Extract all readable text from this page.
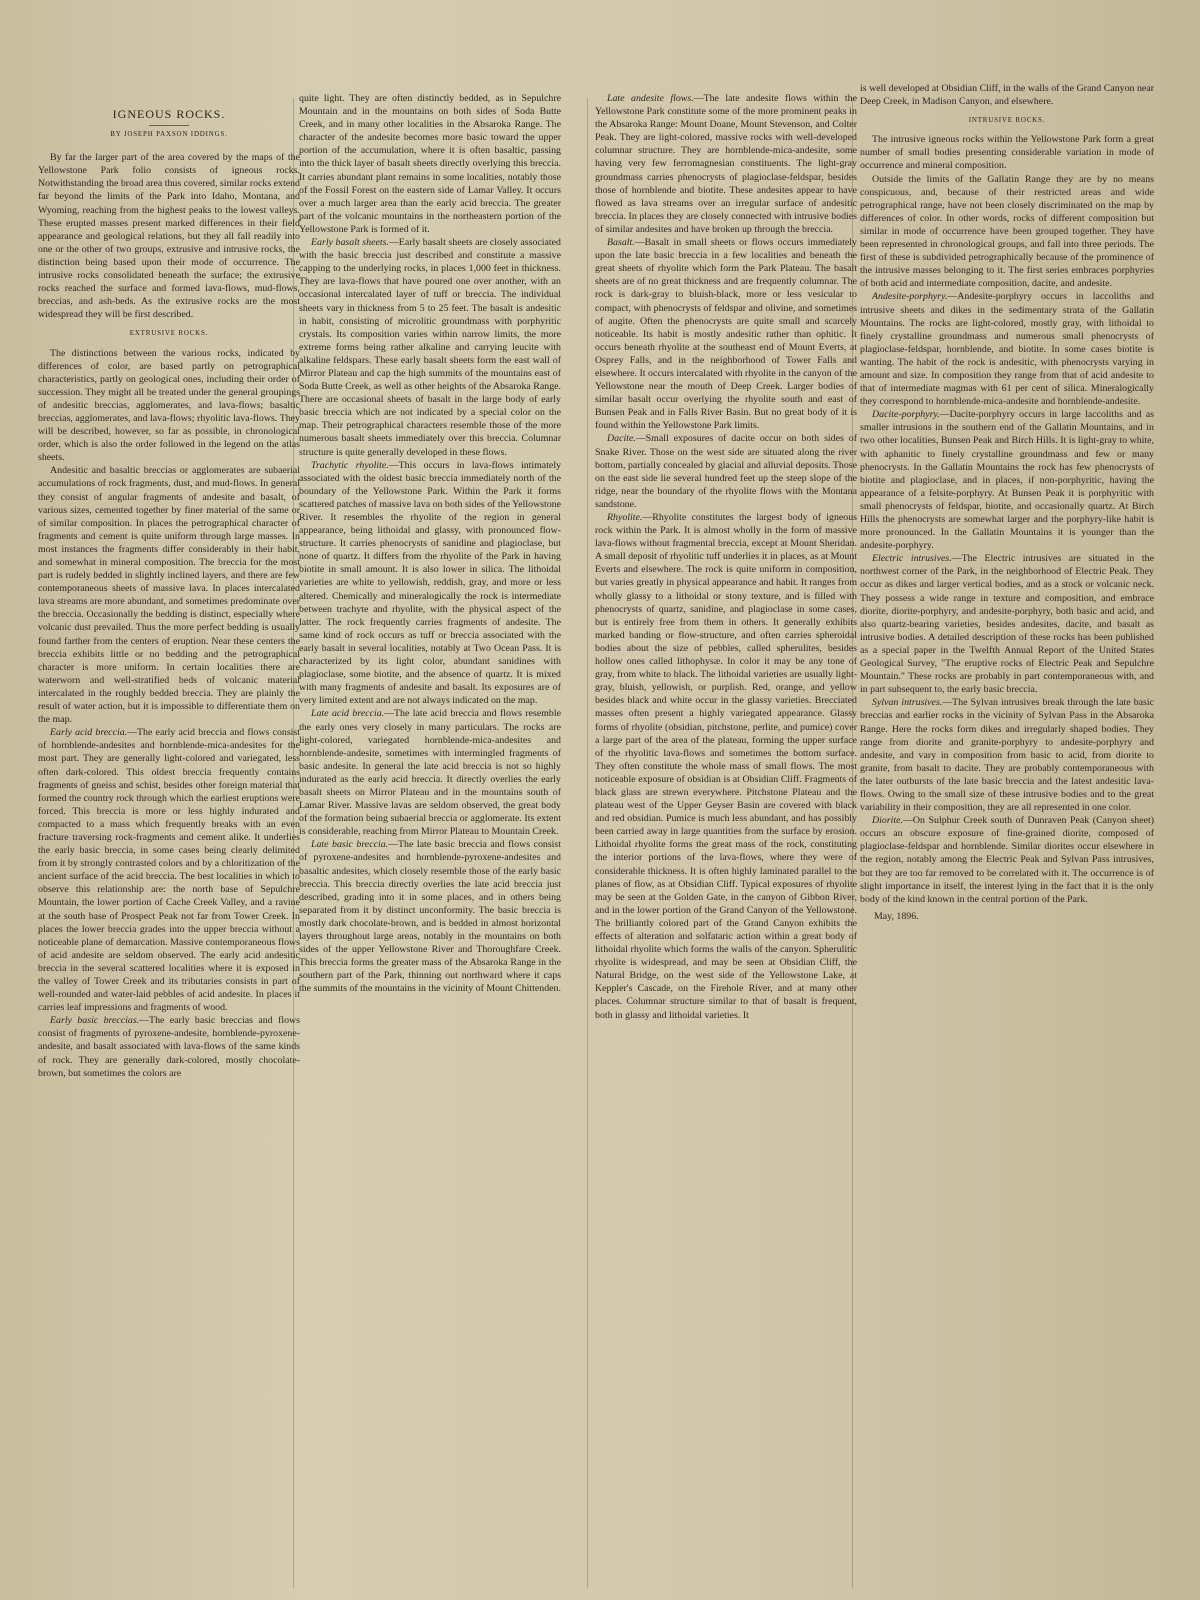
IGNEOUS ROCKS.

BY JOSEPH PAXSON IDDINGS.

By far the larger part of the area covered by the maps of the Yellowstone Park folio consists of igneous rocks. Notwithstanding the broad area thus covered, similar rocks extend far beyond the limits of the Park into Idaho, Montana, and Wyoming, reaching from the highest peaks to the lowest valleys. These erupted masses present marked differences in their field appearance and geological relations, but they all fall readily into one or the other of two groups, extrusive and intrusive rocks, the distinction being based upon their mode of occurrence. The intrusive rocks consolidated beneath the surface; the extrusive rocks reached the surface and formed lava-flows, mud-flows, breccias, and ash-beds. As the extrusive rocks are the most widespread they will be first described.

EXTRUSIVE ROCKS.

The distinctions between the various rocks, indicated by differences of color, are based partly on petrographical characteristics, partly on geological ones, including their order of succession. They might all be treated under the general groupings of andesitic breccias, agglomerates, and lava-flows; basaltic breccias, agglomerates, and lava-flows; rhyolitic lava-flows. They will be described, however, so far as possible, in chronological order, which is also the order followed in the legend on the atlas sheets.

Andesitic and basaltic breccias or agglomerates are subaerial accumulations of rock fragments, dust, and mud-flows. In general they consist of angular fragments of andesite and basalt, of various sizes, cemented together by finer material of the same or of similar composition. In places the petrographical character of fragments and cement is quite uniform through large masses. In most instances the fragments differ considerably in their habit, and somewhat in mineral composition. The breccia for the most part is rudely bedded in slightly inclined layers, and there are few contemporaneous sheets of massive lava. In places intercalated lava streams are more abundant, and sometimes predominate over the breccia. Occasionally the bedding is distinct, especially where volcanic dust prevailed. Thus the more perfect bedding is usually found farther from the centers of eruption. Near these centers the breccia exhibits little or no bedding and the petrographical character is more uniform. In certain localities there are waterworn and well-stratified beds of volcanic material intercalated in the roughly bedded breccia. They are plainly the result of water action, but it is impossible to differentiate them on the map.

Early acid breccia.—The early acid breccia and flows consist of hornblende-andesites and hornblende-mica-andesites for the most part. They are generally light-colored and variegated, less often dark-colored. This oldest breccia frequently contains fragments of gneiss and schist, besides other foreign material that formed the country rock through which the earliest eruptions were forced. This breccia is more or less highly indurated and compacted to a mass which frequently breaks with an even fracture traversing rock-fragments and cement alike. It underlies the early basic breccia, in some cases being clearly delimited from it by strongly contrasted colors and by a chloritization of the ancient surface of the acid breccia. The best localities in which to observe this relationship are: the north base of Sepulchre Mountain, the lower portion of Cache Creek Valley, and a ravine at the south base of Prospect Peak not far from Tower Creek. In places the lower breccia grades into the upper breccia without a noticeable plane of demarcation. Massive contemporaneous flows of acid andesite are seldom observed. The early acid andesitic breccia in the several scattered localities where it is exposed in the valley of Tower Creek and its tributaries consists in part of well-rounded and water-laid pebbles of acid andesite. In places it carries leaf impressions and fragments of wood.

Early basic breccias.—The early basic breccias and flows consist of fragments of pyroxene-andesite, hornblende-pyroxene-andesite, and basalt associated with lava-flows of the same kinds of rock. They are generally dark-colored, mostly chocolate-brown, but sometimes the colors are

quite light. They are often distinctly bedded, as in Sepulchre Mountain and in the mountains on both sides of Soda Butte Creek, and in many other localities in the Absaroka Range. The character of the andesite becomes more basic toward the upper portion of the accumulation, where it is often basaltic, passing into the thick layer of basalt sheets directly overlying this breccia. It carries abundant plant remains in some localities, notably those of the Fossil Forest on the eastern side of Lamar Valley. It occurs over a much larger area than the early acid breccia. The greater part of the volcanic mountains in the northeastern portion of the Yellowstone Park is formed of it.

Early basalt sheets.—Early basalt sheets are closely associated with the basic breccia just described and constitute a massive capping to the underlying rocks, in places 1,000 feet in thickness. They are lava-flows that have poured one over another, with an occasional intercalated layer of tuff or breccia. The individual sheets vary in thickness from 5 to 25 feet. The basalt is andesitic in habit, consisting of microlitic groundmass with porphyritic crystals. Its composition varies within narrow limits, the more extreme forms being rather alkaline and carrying leucite with alkaline feldspars. These early basalt sheets form the east wall of Mirror Plateau and cap the high summits of the mountains east of Soda Butte Creek, as well as other heights of the Absaroka Range. There are occasional sheets of basalt in the large body of early basic breccia which are not indicated by a special color on the map. Their petrographical characters resemble those of the more numerous basalt sheets immediately over this breccia. Columnar structure is quite generally developed in these flows.

Trachytic rhyolite.—This occurs in lava-flows intimately associated with the oldest basic breccia immediately north of the boundary of the Yellowstone Park. Within the Park it forms scattered patches of massive lava on both sides of the Yellowstone River. It resembles the rhyolite of the region in general appearance, being lithoidal and glassy, with pronounced flow-structure. It carries phenocrysts of sanidine and plagioclase, but none of quartz. It differs from the rhyolite of the Park in having biotite in small amount. It is also lower in silica. The lithoidal varieties are white to yellowish, reddish, gray, and more or less altered. Chemically and mineralogically the rock is intermediate between trachyte and rhyolite, with the physical aspect of the latter. The rock frequently carries fragments of andesite. The same kind of rock occurs as tuff or breccia associated with the early basalt in several localities, notably at Two Ocean Pass. It is characterized by its light color, abundant sanidines with plagioclase, some biotite, and the absence of quartz. It is mixed with many fragments of andesite and basalt. Its exposures are of very limited extent and are not always indicated on the map.

Late acid breccia.—The late acid breccia and flows resemble the early ones very closely in many particulars. The rocks are light-colored, variegated hornblende-mica-andesites and hornblende-andesite, sometimes with intermingled fragments of basic andesite. In general the late acid breccia is not so highly indurated as the early acid breccia. It directly overlies the early basalt sheets on Mirror Plateau and in the mountains south of Lamar River. Massive lavas are seldom observed, the great body of the formation being subaerial breccia or agglomerate. Its extent is considerable, reaching from Mirror Plateau to Mountain Creek.

Late basic breccia.—The late basic breccia and flows consist of pyroxene-andesites and hornblende-pyroxene-andesites and basaltic andesites, which closely resemble those of the early basic breccia. This breccia directly overlies the late acid breccia just described, grading into it in some places, and in others being separated from it by distinct unconformity. The basic breccia is mostly dark chocolate-brown, and is bedded in almost horizontal layers throughout large areas, notably in the mountains on both sides of the upper Yellowstone River and Thoroughfare Creek. This breccia forms the greater mass of the Absaroka Range in the southern part of the Park, thinning out northward where it caps the summits of the mountains in the vicinity of Mount Chittenden.

Late andesite flows.—The late andesite flows within the Yellowstone Park constitute some of the more prominent peaks in the Absaroka Range: Mount Doane, Mount Stevenson, and Colter Peak. They are light-colored, massive rocks with well-developed columnar structure. They are hornblende-mica-andesite, some having very few ferromagnesian constituents. The light-gray groundmass carries phenocrysts of plagioclase-feldspar, besides those of hornblende and biotite. These andesites appear to have flowed as lava streams over an irregular surface of andesitic breccia. In places they are closely connected with intrusive bodies of similar andesites and have broken up through the breccia.

Basalt.—Basalt in small sheets or flows occurs immediately upon the late basic breccia in a few localities and beneath the great sheets of rhyolite which form the Park Plateau. The basalt sheets are of no great thickness and are frequently columnar. The rock is dark-gray to bluish-black, more or less vesicular to compact, with phenocrysts of feldspar and olivine, and sometimes of augite. Often the phenocrysts are quite small and scarcely noticeable. Its habit is mostly andesitic rather than ophitic. It occurs beneath rhyolite at the southeast end of Mount Everts, at Osprey Falls, and in the neighborhood of Tower Falls and elsewhere. It occurs intercalated with rhyolite in the canyon of the Yellowstone near the mouth of Deep Creek. Larger bodies of similar basalt occur overlying the rhyolite south and east of Bunsen Peak and in Falls River Basin. But no great body of it is found within the Yellowstone Park limits.

Dacite.—Small exposures of dacite occur on both sides of Snake River. Those on the west side are situated along the river bottom, partially concealed by glacial and alluvial deposits. Those on the east side lie several hundred feet up the steep slope of the ridge, near the boundary of the rhyolite flows with the Montana sandstone.

Rhyolite.—Rhyolite constitutes the largest body of igneous rock within the Park. It is almost wholly in the form of massive lava-flows without fragmental breccia, except at Mount Sheridan. A small deposit of rhyolitic tuff underlies it in places, as at Mount Everts and elsewhere. The rock is quite uniform in composition, but varies greatly in physical appearance and habit. It ranges from wholly glassy to a lithoidal or stony texture, and is filled with phenocrysts of quartz, sanidine, and plagioclase in some cases, but is entirely free from them in others. It generally exhibits marked banding or flow-structure, and often carries spheroidal bodies about the size of pebbles, called spherulites, besides hollow ones called lithophysæ. In color it may be any tone of gray, from white to black. The lithoidal varieties are usually light-gray, bluish, yellowish, or purplish. Red, orange, and yellow besides black and white occur in the glassy varieties. Brecciated masses often present a highly variegated appearance. Glassy forms of rhyolite (obsidian, pitchstone, perlite, and pumice) cover a large part of the area of the plateau, forming the upper surface of the rhyolitic lava-flows and sometimes the bottom surface. They often constitute the whole mass of small flows. The most noticeable exposure of obsidian is at Obsidian Cliff. Fragments of black glass are strewn everywhere. Pitchstone Plateau and the plateau west of the Upper Geyser Basin are covered with black and red obsidian. Pumice is much less abundant, and has possibly been carried away in large quantities from the surface by erosion. Lithoidal rhyolite forms the great mass of the rock, constituting the interior portions of the lava-flows, where they were of considerable thickness. It is often highly laminated parallel to the planes of flow, as at Obsidian Cliff. Typical exposures of rhyolite may be seen at the Golden Gate, in the canyon of Gibbon River, and in the lower portion of the Grand Canyon of the Yellowstone. The brilliantly colored part of the Grand Canyon exhibits the effects of alteration and solfataric action within a great body of lithoidal rhyolite which forms the walls of the canyon. Spherulitic rhyolite is widespread, and may be seen at Obsidian Cliff, the Natural Bridge, on the west side of the Yellowstone Lake, at Keppler's Cascade, on the Firehole River, and at many other places. Columnar structure similar to that of basalt is frequent, both in glassy and lithoidal varieties. It

is well developed at Obsidian Cliff, in the walls of the Grand Canyon near Deep Creek, in Madison Canyon, and elsewhere.

INTRUSIVE ROCKS.

The intrusive igneous rocks within the Yellowstone Park form a great number of small bodies presenting considerable variation in mode of occurrence and mineral composition.

Outside the limits of the Gallatin Range they are by no means conspicuous, and, because of their restricted areas and wide petrographical range, have not been closely discriminated on the map by differences of color. In other words, rocks of different composition but similar in mode of occurrence have been grouped together. They have been represented in chronological groups, and fall into three periods. The first of these is subdivided petrographically because of the prominence of the intrusive masses belonging to it. The first series embraces porphyries of both acid and intermediate composition, dacite, and andesite.

Andesite-porphyry.—Andesite-porphyry occurs in laccoliths and intrusive sheets and dikes in the sedimentary strata of the Gallatin Mountains. The rocks are light-colored, mostly gray, with lithoidal to finely crystalline groundmass and numerous small phenocrysts of plagioclase-feldspar, hornblende, and biotite. In some cases biotite is wanting. The habit of the rock is andesitic, with phenocrysts varying in amount and size. In composition they range from that of acid andesite to that of intermediate magmas with 61 per cent of silica. Mineralogically they correspond to hornblende-mica-andesite and hornblende-andesite.

Dacite-porphyry.—Dacite-porphyry occurs in large laccoliths and as smaller intrusions in the southern end of the Gallatin Mountains, and in two other localities, Bunsen Peak and Birch Hills. It is light-gray to white, with aphanitic to finely crystalline groundmass and few or many phenocrysts. In the Gallatin Mountains the rock has few phenocrysts of biotite and plagioclase, and in places, if non-porphyritic, having the appearance of a felsite-porphyry. At Bunsen Peak it is porphyritic with small phenocrysts of feldspar, biotite, and occasionally quartz. At Birch Hills the phenocrysts are somewhat larger and the porphyry-like habit is more pronounced. In the Gallatin Mountains it is younger than the andesite-porphyry.

Electric intrusives.—The Electric intrusives are situated in the northwest corner of the Park, in the neighborhood of Electric Peak. They occur as dikes and larger vertical bodies, and as a stock or volcanic neck. They possess a wide range in texture and composition, and embrace diorite, diorite-porphyry, and andesite-porphyry, both basic and acid, and also quartz-bearing varieties, besides andesites, dacite, and basalt as intrusive bodies. A detailed description of these rocks has been published as a special paper in the Twelfth Annual Report of the United States Geological Survey, "The eruptive rocks of Electric Peak and Sepulchre Mountain." These rocks are probably in part contemporaneous with, and in part subsequent to, the early basic breccia.

Sylvan intrusives.—The Sylvan intrusives break through the late basic breccias and earlier rocks in the vicinity of Sylvan Pass in the Absaroka Range. Here the rocks form dikes and irregularly shaped bodies. They range from diorite and granite-porphyry to andesite-porphyry and andesite, and vary in composition from basic to acid, from diorite to granite, from basalt to dacite. They are probably contemporaneous with the later outbursts of the late basic breccia and the latest andesitic lava-flows. Owing to the small size of these intrusive bodies and to the great variability in their composition, they are all represented in one color.

Diorite.—On Sulphur Creek south of Dunraven Peak (Canyon sheet) occurs an obscure exposure of fine-grained diorite, composed of plagioclase-feldspar and hornblende. Similar diorites occur elsewhere in the region, notably among the Electric Peak and Sylvan Pass intrusives, but they are too far removed to be correlated with it. The occurrence is of slight importance in itself, the interest lying in the fact that it is the only body of the kind known in the central portion of the Park.

May, 1896.
